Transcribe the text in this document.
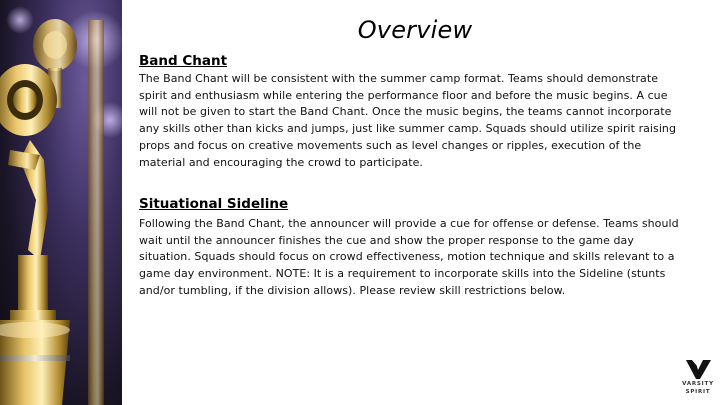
Overview
Band Chant

The Band Chant will be consistent with the summer camp format. Teams should demonstrate spirit and enthusiasm while entering the performance floor and before the music begins. A cue will not be given to start the Band Chant. Once the music begins, the teams cannot incorporate any skills other than kicks and jumps, just like summer camp. Squads should utilize spirit raising props and focus on creative movements such as level changes or ripples, execution of the material and encouraging the crowd to participate.

Situational Sideline

Following the Band Chant, the announcer will provide a cue for offense or defense. Teams should wait until the announcer finishes the cue and show the proper response to the game day situation. Squads should focus on crowd effectiveness, motion technique and skills relevant to a game day environment. NOTE: It is a requirement to incorporate skills into the Sideline (stunts and/or tumbling, if the division allows). Please review skill restrictions below.

VARSITY
SPIRIT
